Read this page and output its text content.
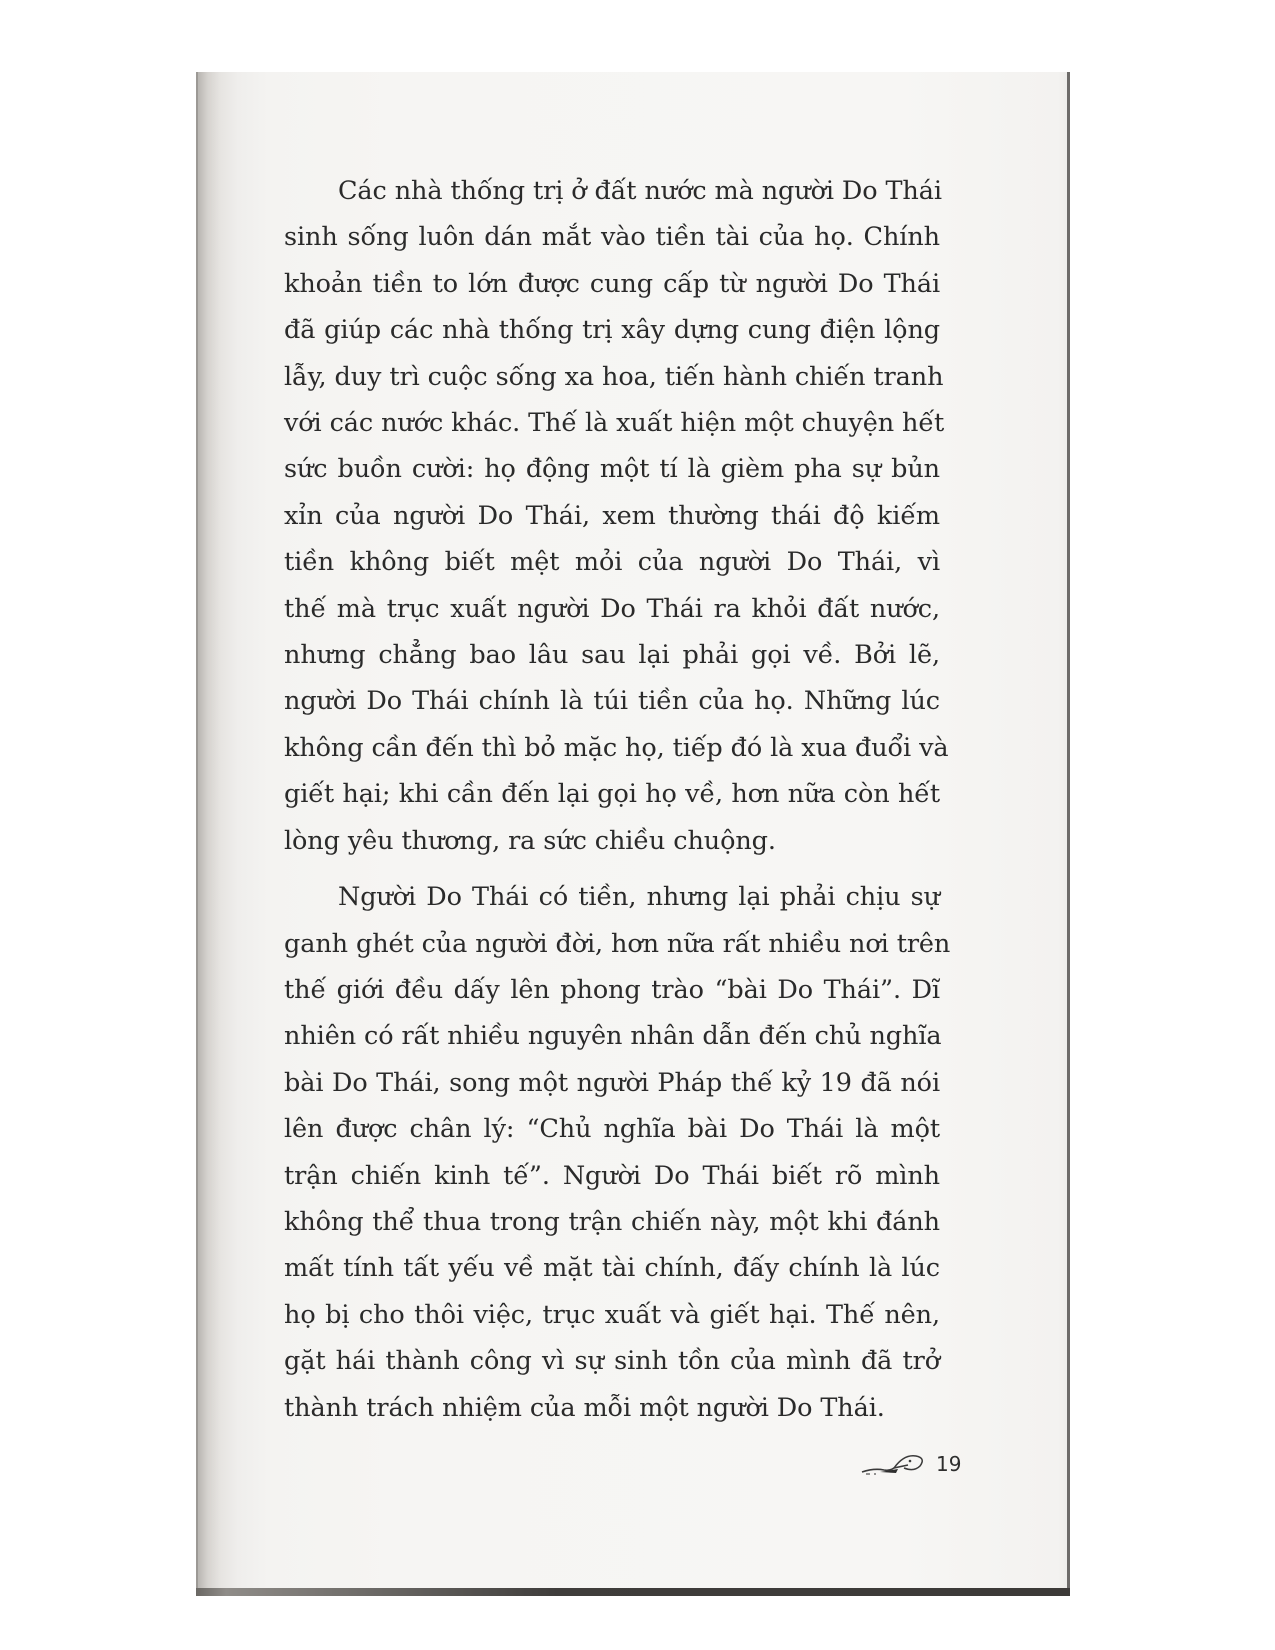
Các nhà thống trị ở đất nước mà người Do Thái
sinh sống luôn dán mắt vào tiền tài của họ. Chính
khoản tiền to lớn được cung cấp từ người Do Thái
đã giúp các nhà thống trị xây dựng cung điện lộng
lẫy, duy trì cuộc sống xa hoa, tiến hành chiến tranh
với các nước khác. Thế là xuất hiện một chuyện hết
sức buồn cười: họ động một tí là gièm pha sự bủn
xỉn của người Do Thái, xem thường thái độ kiếm
tiền không biết mệt mỏi của người Do Thái, vì
thế mà trục xuất người Do Thái ra khỏi đất nước,
nhưng chẳng bao lâu sau lại phải gọi về. Bởi lẽ,
người Do Thái chính là túi tiền của họ. Những lúc
không cần đến thì bỏ mặc họ, tiếp đó là xua đuổi và
giết hại; khi cần đến lại gọi họ về, hơn nữa còn hết
lòng yêu thương, ra sức chiều chuộng.
Người Do Thái có tiền, nhưng lại phải chịu sự
ganh ghét của người đời, hơn nữa rất nhiều nơi trên
thế giới đều dấy lên phong trào “bài Do Thái”. Dĩ
nhiên có rất nhiều nguyên nhân dẫn đến chủ nghĩa
bài Do Thái, song một người Pháp thế kỷ 19 đã nói
lên được chân lý: “Chủ nghĩa bài Do Thái là một
trận chiến kinh tế”. Người Do Thái biết rõ mình
không thể thua trong trận chiến này, một khi đánh
mất tính tất yếu về mặt tài chính, đấy chính là lúc
họ bị cho thôi việc, trục xuất và giết hại. Thế nên,
gặt hái thành công vì sự sinh tồn của mình đã trở
thành trách nhiệm của mỗi một người Do Thái.
19
